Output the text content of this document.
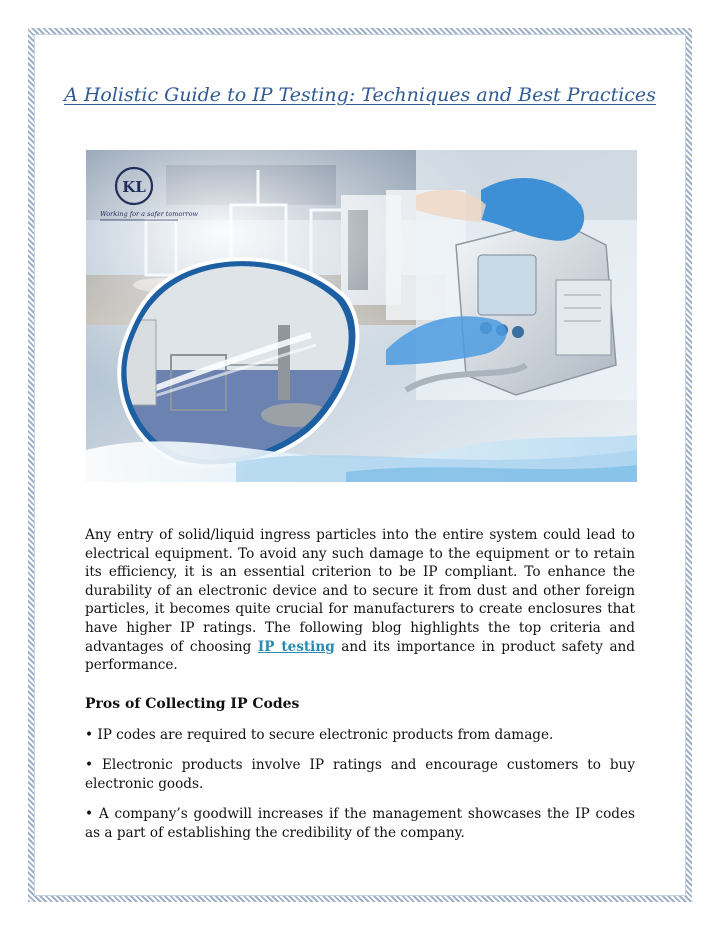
A Holistic Guide to IP Testing: Techniques and Best Practices
KL
Working for a safer tomorrow

Any entry of solid/liquid ingress particles into the entire system could lead to electrical equipment. To avoid any such damage to the equipment or to retain its efficiency, it is an essential criterion to be IP compliant. To enhance the durability of an electronic device and to secure it from dust and other foreign particles, it becomes quite crucial for manufacturers to create enclosures that have higher IP ratings. The following blog highlights the top criteria and advantages of choosing IP testing and its importance in product safety and performance.

Pros of Collecting IP Codes

• IP codes are required to secure electronic products from damage.

• Electronic products involve IP ratings and encourage customers to buy electronic goods.

• A company’s goodwill increases if the management showcases the IP codes as a part of establishing the credibility of the company.
